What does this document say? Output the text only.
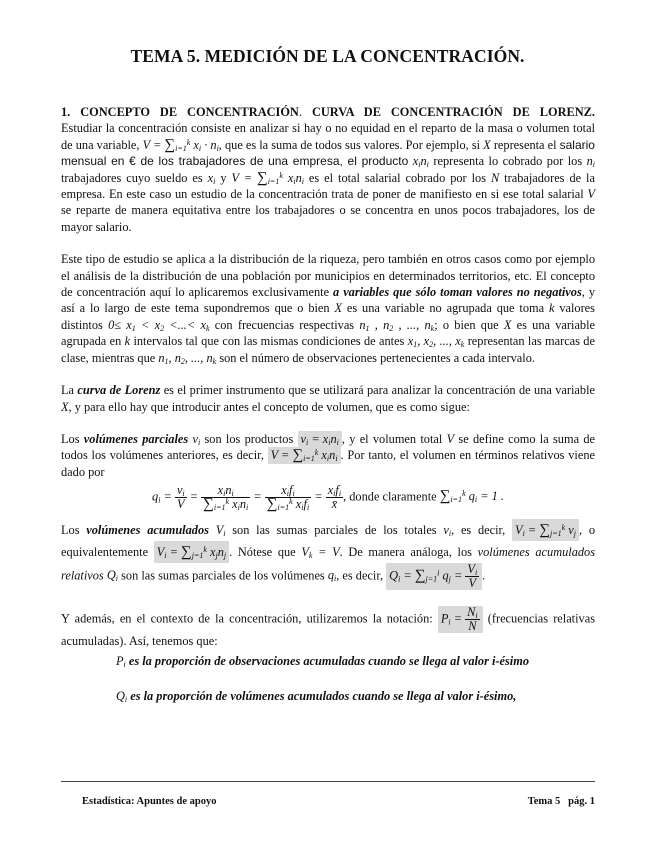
TEMA 5. MEDICIÓN DE LA CONCENTRACIÓN.

1. CONCEPTO DE CONCENTRACIÓN. CURVA DE CONCENTRACIÓN DE LORENZ.

Estudiar la concentración consiste en analizar si hay o no equidad en el reparto de la masa o volumen total de una variable, $V = \sum_{i=1}^k$ $x_i \cdot n_i$, que es la suma de todos sus valores. Por ejemplo, si X representa el salario mensual en € de los trabajadores de una empresa, el producto $x_in_i$ representa lo cobrado por los $n_i$ trabajadores cuyo sueldo es $x_i$ y $V = \sum_{i=1}^k$ $x_in_i$ es el total salarial cobrado por los N trabajadores de la empresa. En este caso un estudio de la concentración trata de poner de manifiesto en si ese total salarial V se reparte de manera equitativa entre los trabajadores o se concentra en unos pocos trabajadores, los de mayor salario.

Este tipo de estudio se aplica a la distribución de la riqueza, pero también en otros casos como por ejemplo el análisis de la distribución de una población por municipios en determinados territorios, etc. El concepto de concentración aquí lo aplicaremos exclusivamente a variables que sólo toman valores no negativos, y así a lo largo de este tema supondremos que o bien X es una variable no agrupada que toma k valores distintos $0\le x_1 < x_2$ <...< $x_k$ con frecuencias respectivas $n_1$ , $n_2$ , ..., $n_k$; o bien que X es una variable agrupada en k intervalos tal que con las mismas condiciones de antes $x_1$, $x_2$, ..., $x_k$ representan las marcas de clase, mientras que $n_1$, $n_2$, ..., $n_k$ son el número de observaciones pertenecientes a cada intervalo.

La curva de Lorenz es el primer instrumento que se utilizará para analizar la concentración de una variable X, y para ello hay que introducir antes el concepto de volumen, que es como sigue:

Los volúmenes parciales $v_i$ son los productos $v_i = x_in_i$ , y el volumen total V se define como la suma de todos los volúmenes anteriores, es decir, $V = \sum_{i=1}^k$ $x_in_i$ . Por tanto, el volumen en términos relativos viene dado por

$q_i = \frac{v_i}{V} = \frac{x_in_i}{\sum_{i=1}^k x_in_i} = \frac{x_if_i}{\sum_{i=1}^k x_if_i} = \frac{x_if_i}{x̄}$ , donde claramente $\sum_{i=1}^k$ $q_i = 1$ .

Los volúmenes acumulados $V_i$ son las sumas parciales de los totales $v_i$, es decir, $V_i = \sum_{j=1}^k$ $v_j$ , o equivalentemente $V_i = \sum_{j=1}^k$ $x_jn_j$ . Nótese que $V_k = V$. De manera análoga, los volúmenes acumulados relativos $Q_i$ son las sumas parciales de los volúmenes $q_i$, es decir, $Q_i = \sum_{j=1}^i$ $q_j = \frac{V_i}{V}$ .

Y además, en el contexto de la concentración, utilizaremos la notación: $P_i = \frac{N_i}{N}$ (frecuencias relativas acumuladas). Así, tenemos que:

$P_i$ es la proporción de observaciones acumuladas cuando se llega al valor i-ésimo

$Q_i$ es la proporción de volúmenes acumulados cuando se llega al valor i-ésimo,

Estadística: Apuntes de apoyo	Tema 5   pág. 1
